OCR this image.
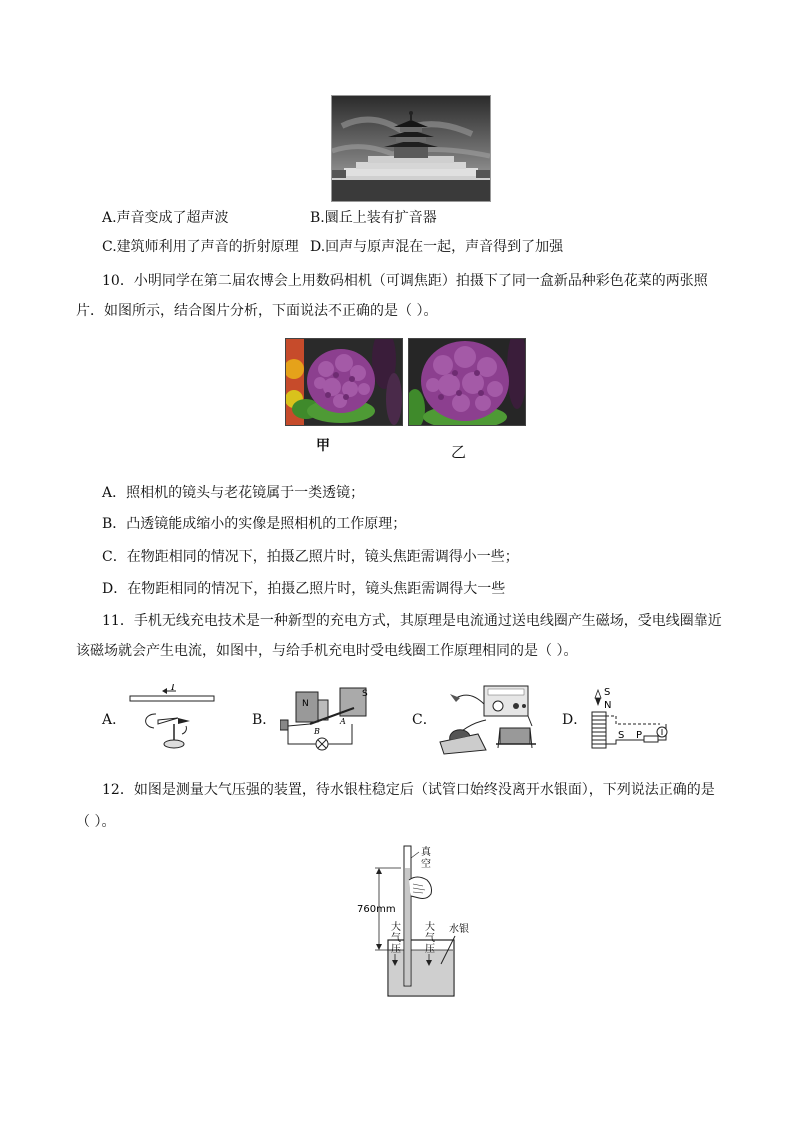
A.声音变成了超声波	B.圜丘上装有扩音器
C.建筑师利用了声音的折射原理 D.回声与原声混在一起，声音得到了加强
10．小明同学在第二届农博会上用数码相机（可调焦距）拍摄下了同一盒新品种彩色花菜的两张照
片．如图所示，结合图片分析，下面说法不正确的是（ ）。
甲	乙
A．照相机的镜头与老花镜属于一类透镜；
B．凸透镜能成缩小的实像是照相机的工作原理；
C．在物距相同的情况下，拍摄乙照片时，镜头焦距需调得小一些；
D．在物距相同的情况下，拍摄乙照片时，镜头焦距需调得大一些
11．手机无线充电技术是一种新型的充电方式，其原理是电流通过送电线圈产生磁场，受电线圈靠近
该磁场就会产生电流，如图中，与给手机充电时受电线圈工作原理相同的是（ ）。
A．	B．	C．	D．
I
N
S
B
A
S
N
S P
12．如图是测量大气压强的装置，待水银柱稳定后（试管口始终没离开水银面），下列说法正确的是
（ ）。
真
空
760mm
大
气
压
大
气
压
水银
